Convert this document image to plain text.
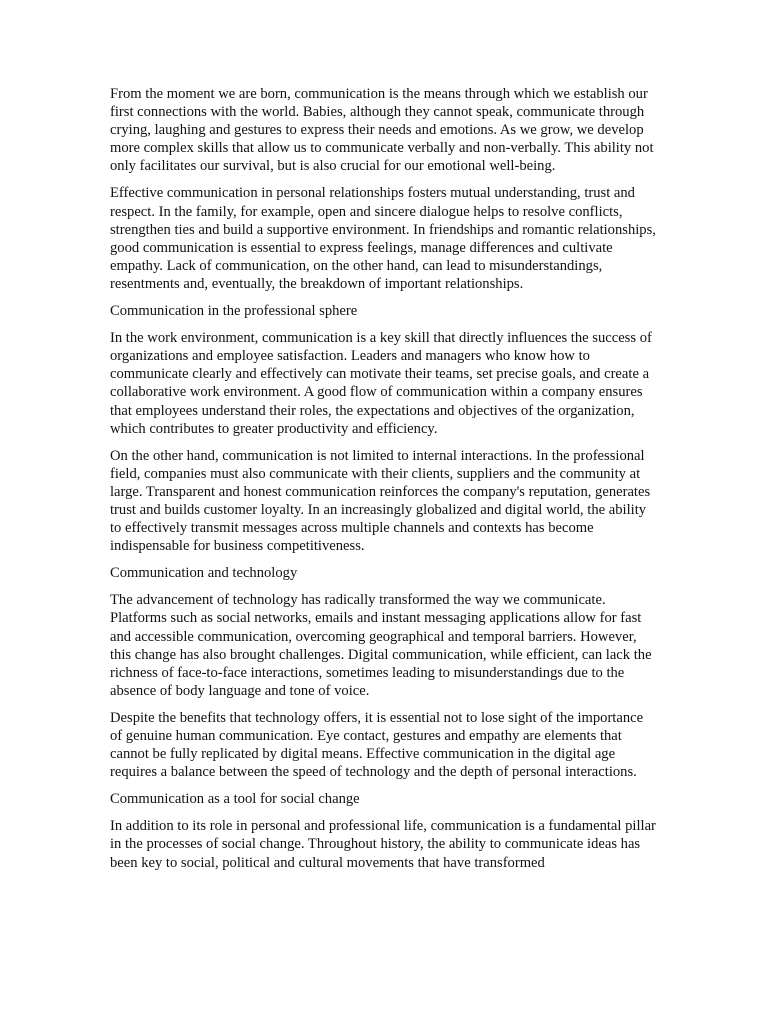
From the moment we are born, communication is the means through which we establish our first connections with the world. Babies, although they cannot speak, communicate through crying, laughing and gestures to express their needs and emotions. As we grow, we develop more complex skills that allow us to communicate verbally and non-verbally. This ability not only facilitates our survival, but is also crucial for our emotional well-being.

Effective communication in personal relationships fosters mutual understanding, trust and respect. In the family, for example, open and sincere dialogue helps to resolve conflicts, strengthen ties and build a supportive environment. In friendships and romantic relationships, good communication is essential to express feelings, manage differences and cultivate empathy. Lack of communication, on the other hand, can lead to misunderstandings, resentments and, eventually, the breakdown of important relationships.

Communication in the professional sphere

In the work environment, communication is a key skill that directly influences the success of organizations and employee satisfaction. Leaders and managers who know how to communicate clearly and effectively can motivate their teams, set precise goals, and create a collaborative work environment. A good flow of communication within a company ensures that employees understand their roles, the expectations and objectives of the organization, which contributes to greater productivity and efficiency.

On the other hand, communication is not limited to internal interactions. In the professional field, companies must also communicate with their clients, suppliers and the community at large. Transparent and honest communication reinforces the company's reputation, generates trust and builds customer loyalty. In an increasingly globalized and digital world, the ability to effectively transmit messages across multiple channels and contexts has become indispensable for business competitiveness.

Communication and technology

The advancement of technology has radically transformed the way we communicate. Platforms such as social networks, emails and instant messaging applications allow for fast and accessible communication, overcoming geographical and temporal barriers. However, this change has also brought challenges. Digital communication, while efficient, can lack the richness of face-to-face interactions, sometimes leading to misunderstandings due to the absence of body language and tone of voice.

Despite the benefits that technology offers, it is essential not to lose sight of the importance of genuine human communication. Eye contact, gestures and empathy are elements that cannot be fully replicated by digital means. Effective communication in the digital age requires a balance between the speed of technology and the depth of personal interactions.

Communication as a tool for social change

In addition to its role in personal and professional life, communication is a fundamental pillar in the processes of social change. Throughout history, the ability to communicate ideas has been key to social, political and cultural movements that have transformed
